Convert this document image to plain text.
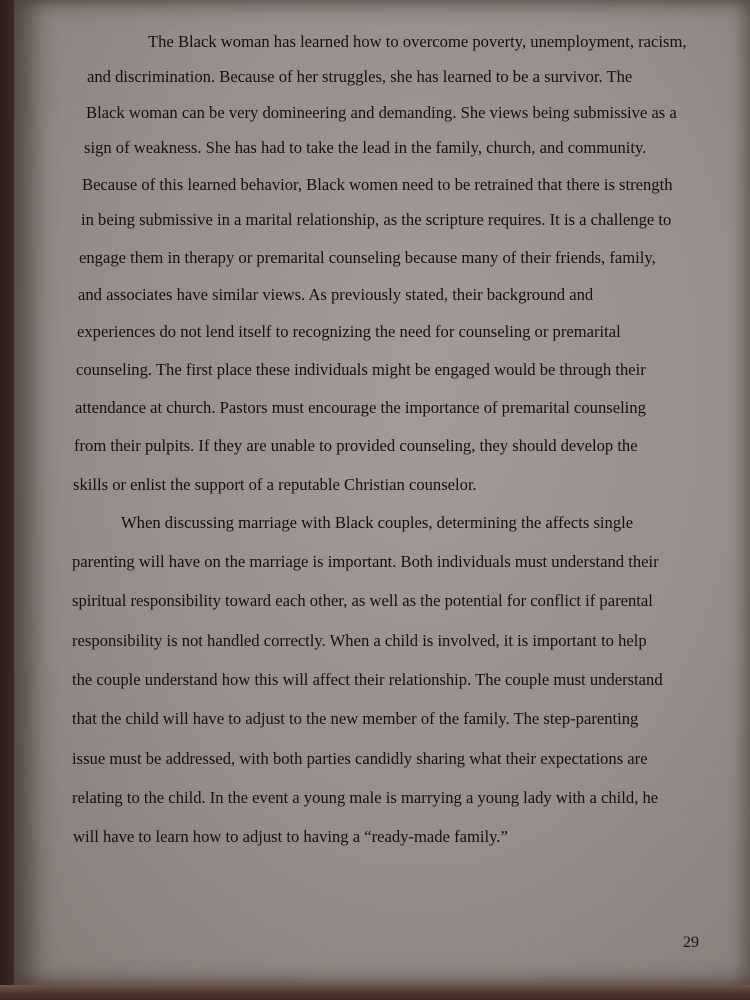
The Black woman has learned how to overcome poverty, unemployment, racism,
and discrimination. Because of her struggles, she has learned to be a survivor. The
Black woman can be very domineering and demanding. She views being submissive as a
sign of weakness. She has had to take the lead in the family, church, and community.
Because of this learned behavior, Black women need to be retrained that there is strength
in being submissive in a marital relationship, as the scripture requires. It is a challenge to
engage them in therapy or premarital counseling because many of their friends, family,
and associates have similar views. As previously stated, their background and
experiences do not lend itself to recognizing the need for counseling or premarital
counseling. The first place these individuals might be engaged would be through their
attendance at church. Pastors must encourage the importance of premarital counseling
from their pulpits. If they are unable to provided counseling, they should develop the
skills or enlist the support of a reputable Christian counselor.
When discussing marriage with Black couples, determining the affects single
parenting will have on the marriage is important. Both individuals must understand their
spiritual responsibility toward each other, as well as the potential for conflict if parental
responsibility is not handled correctly. When a child is involved, it is important to help
the couple understand how this will affect their relationship. The couple must understand
that the child will have to adjust to the new member of the family. The step-parenting
issue must be addressed, with both parties candidly sharing what their expectations are
relating to the child. In the event a young male is marrying a young lady with a child, he
will have to learn how to adjust to having a “ready-made family.”
29
